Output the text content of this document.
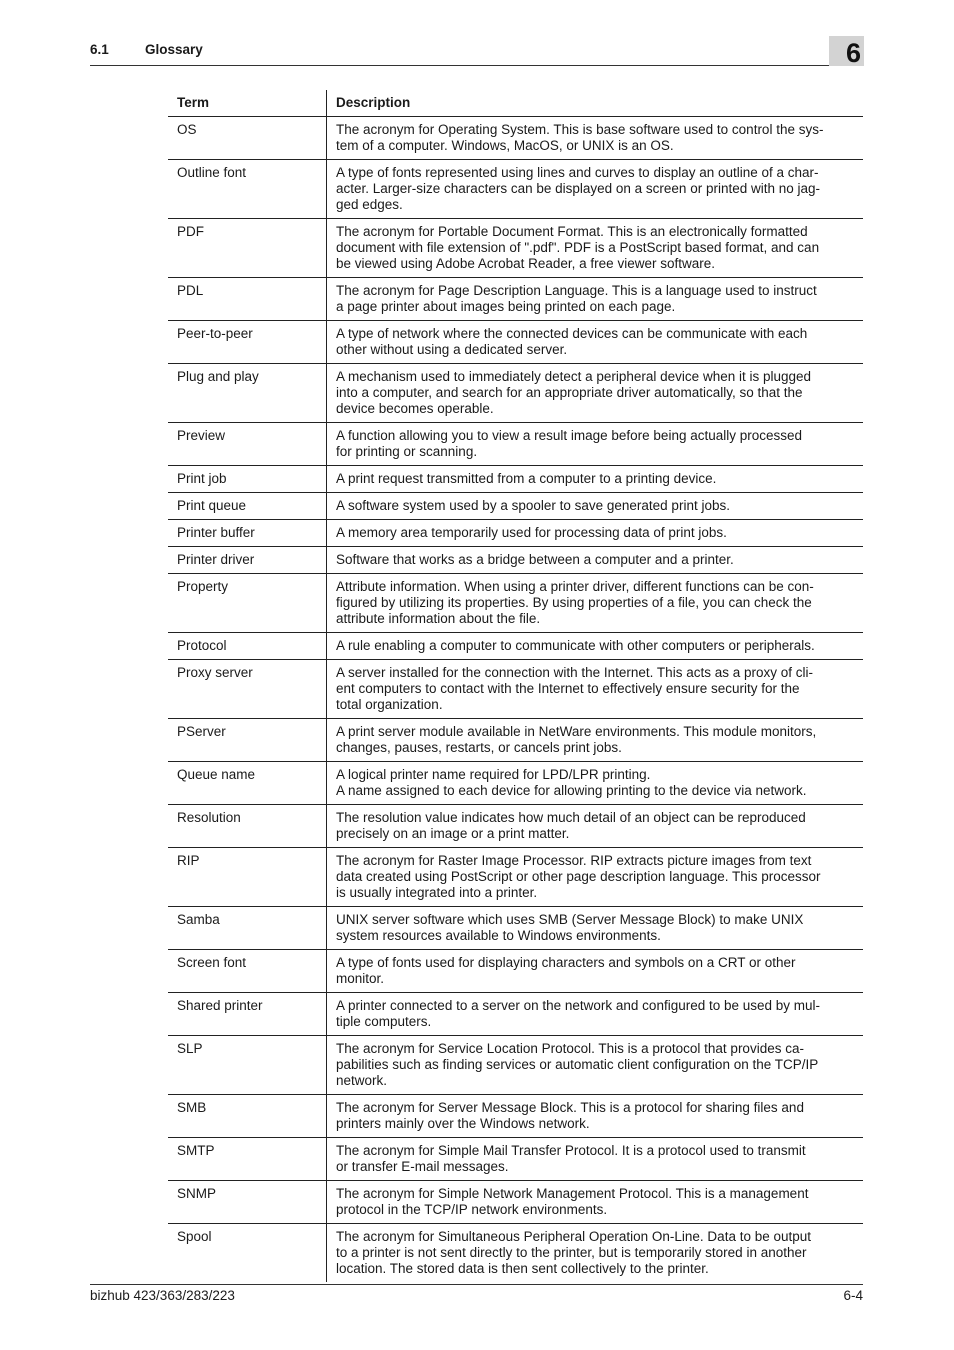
6.1	Glossary	6
Term	Description
OS	The acronym for Operating System. This is base software used to control the sys-
tem of a computer. Windows, MacOS, or UNIX is an OS.
Outline font	A type of fonts represented using lines and curves to display an outline of a char-
acter. Larger-size characters can be displayed on a screen or printed with no jag-
ged edges.
PDF	The acronym for Portable Document Format. This is an electronically formatted
document with file extension of ".pdf". PDF is a PostScript based format, and can
be viewed using Adobe Acrobat Reader, a free viewer software.
PDL	The acronym for Page Description Language. This is a language used to instruct
a page printer about images being printed on each page.
Peer-to-peer	A type of network where the connected devices can be communicate with each
other without using a dedicated server.
Plug and play	A mechanism used to immediately detect a peripheral device when it is plugged
into a computer, and search for an appropriate driver automatically, so that the
device becomes operable.
Preview	A function allowing you to view a result image before being actually processed
for printing or scanning.
Print job	A print request transmitted from a computer to a printing device.
Print queue	A software system used by a spooler to save generated print jobs.
Printer buffer	A memory area temporarily used for processing data of print jobs.
Printer driver	Software that works as a bridge between a computer and a printer.
Property	Attribute information. When using a printer driver, different functions can be con-
figured by utilizing its properties. By using properties of a file, you can check the
attribute information about the file.
Protocol	A rule enabling a computer to communicate with other computers or peripherals.
Proxy server	A server installed for the connection with the Internet. This acts as a proxy of cli-
ent computers to contact with the Internet to effectively ensure security for the
total organization.
PServer	A print server module available in NetWare environments. This module monitors,
changes, pauses, restarts, or cancels print jobs.
Queue name	A logical printer name required for LPD/LPR printing.
A name assigned to each device for allowing printing to the device via network.
Resolution	The resolution value indicates how much detail of an object can be reproduced
precisely on an image or a print matter.
RIP	The acronym for Raster Image Processor. RIP extracts picture images from text
data created using PostScript or other page description language. This processor
is usually integrated into a printer.
Samba	UNIX server software which uses SMB (Server Message Block) to make UNIX
system resources available to Windows environments.
Screen font	A type of fonts used for displaying characters and symbols on a CRT or other
monitor.
Shared printer	A printer connected to a server on the network and configured to be used by mul-
tiple computers.
SLP	The acronym for Service Location Protocol. This is a protocol that provides ca-
pabilities such as finding services or automatic client configuration on the TCP/IP
network.
SMB	The acronym for Server Message Block. This is a protocol for sharing files and
printers mainly over the Windows network.
SMTP	The acronym for Simple Mail Transfer Protocol. It is a protocol used to transmit
or transfer E-mail messages.
SNMP	The acronym for Simple Network Management Protocol. This is a management
protocol in the TCP/IP network environments.
Spool	The acronym for Simultaneous Peripheral Operation On-Line. Data to be output
to a printer is not sent directly to the printer, but is temporarily stored in another
location. The stored data is then sent collectively to the printer.
bizhub 423/363/283/223	6-4
